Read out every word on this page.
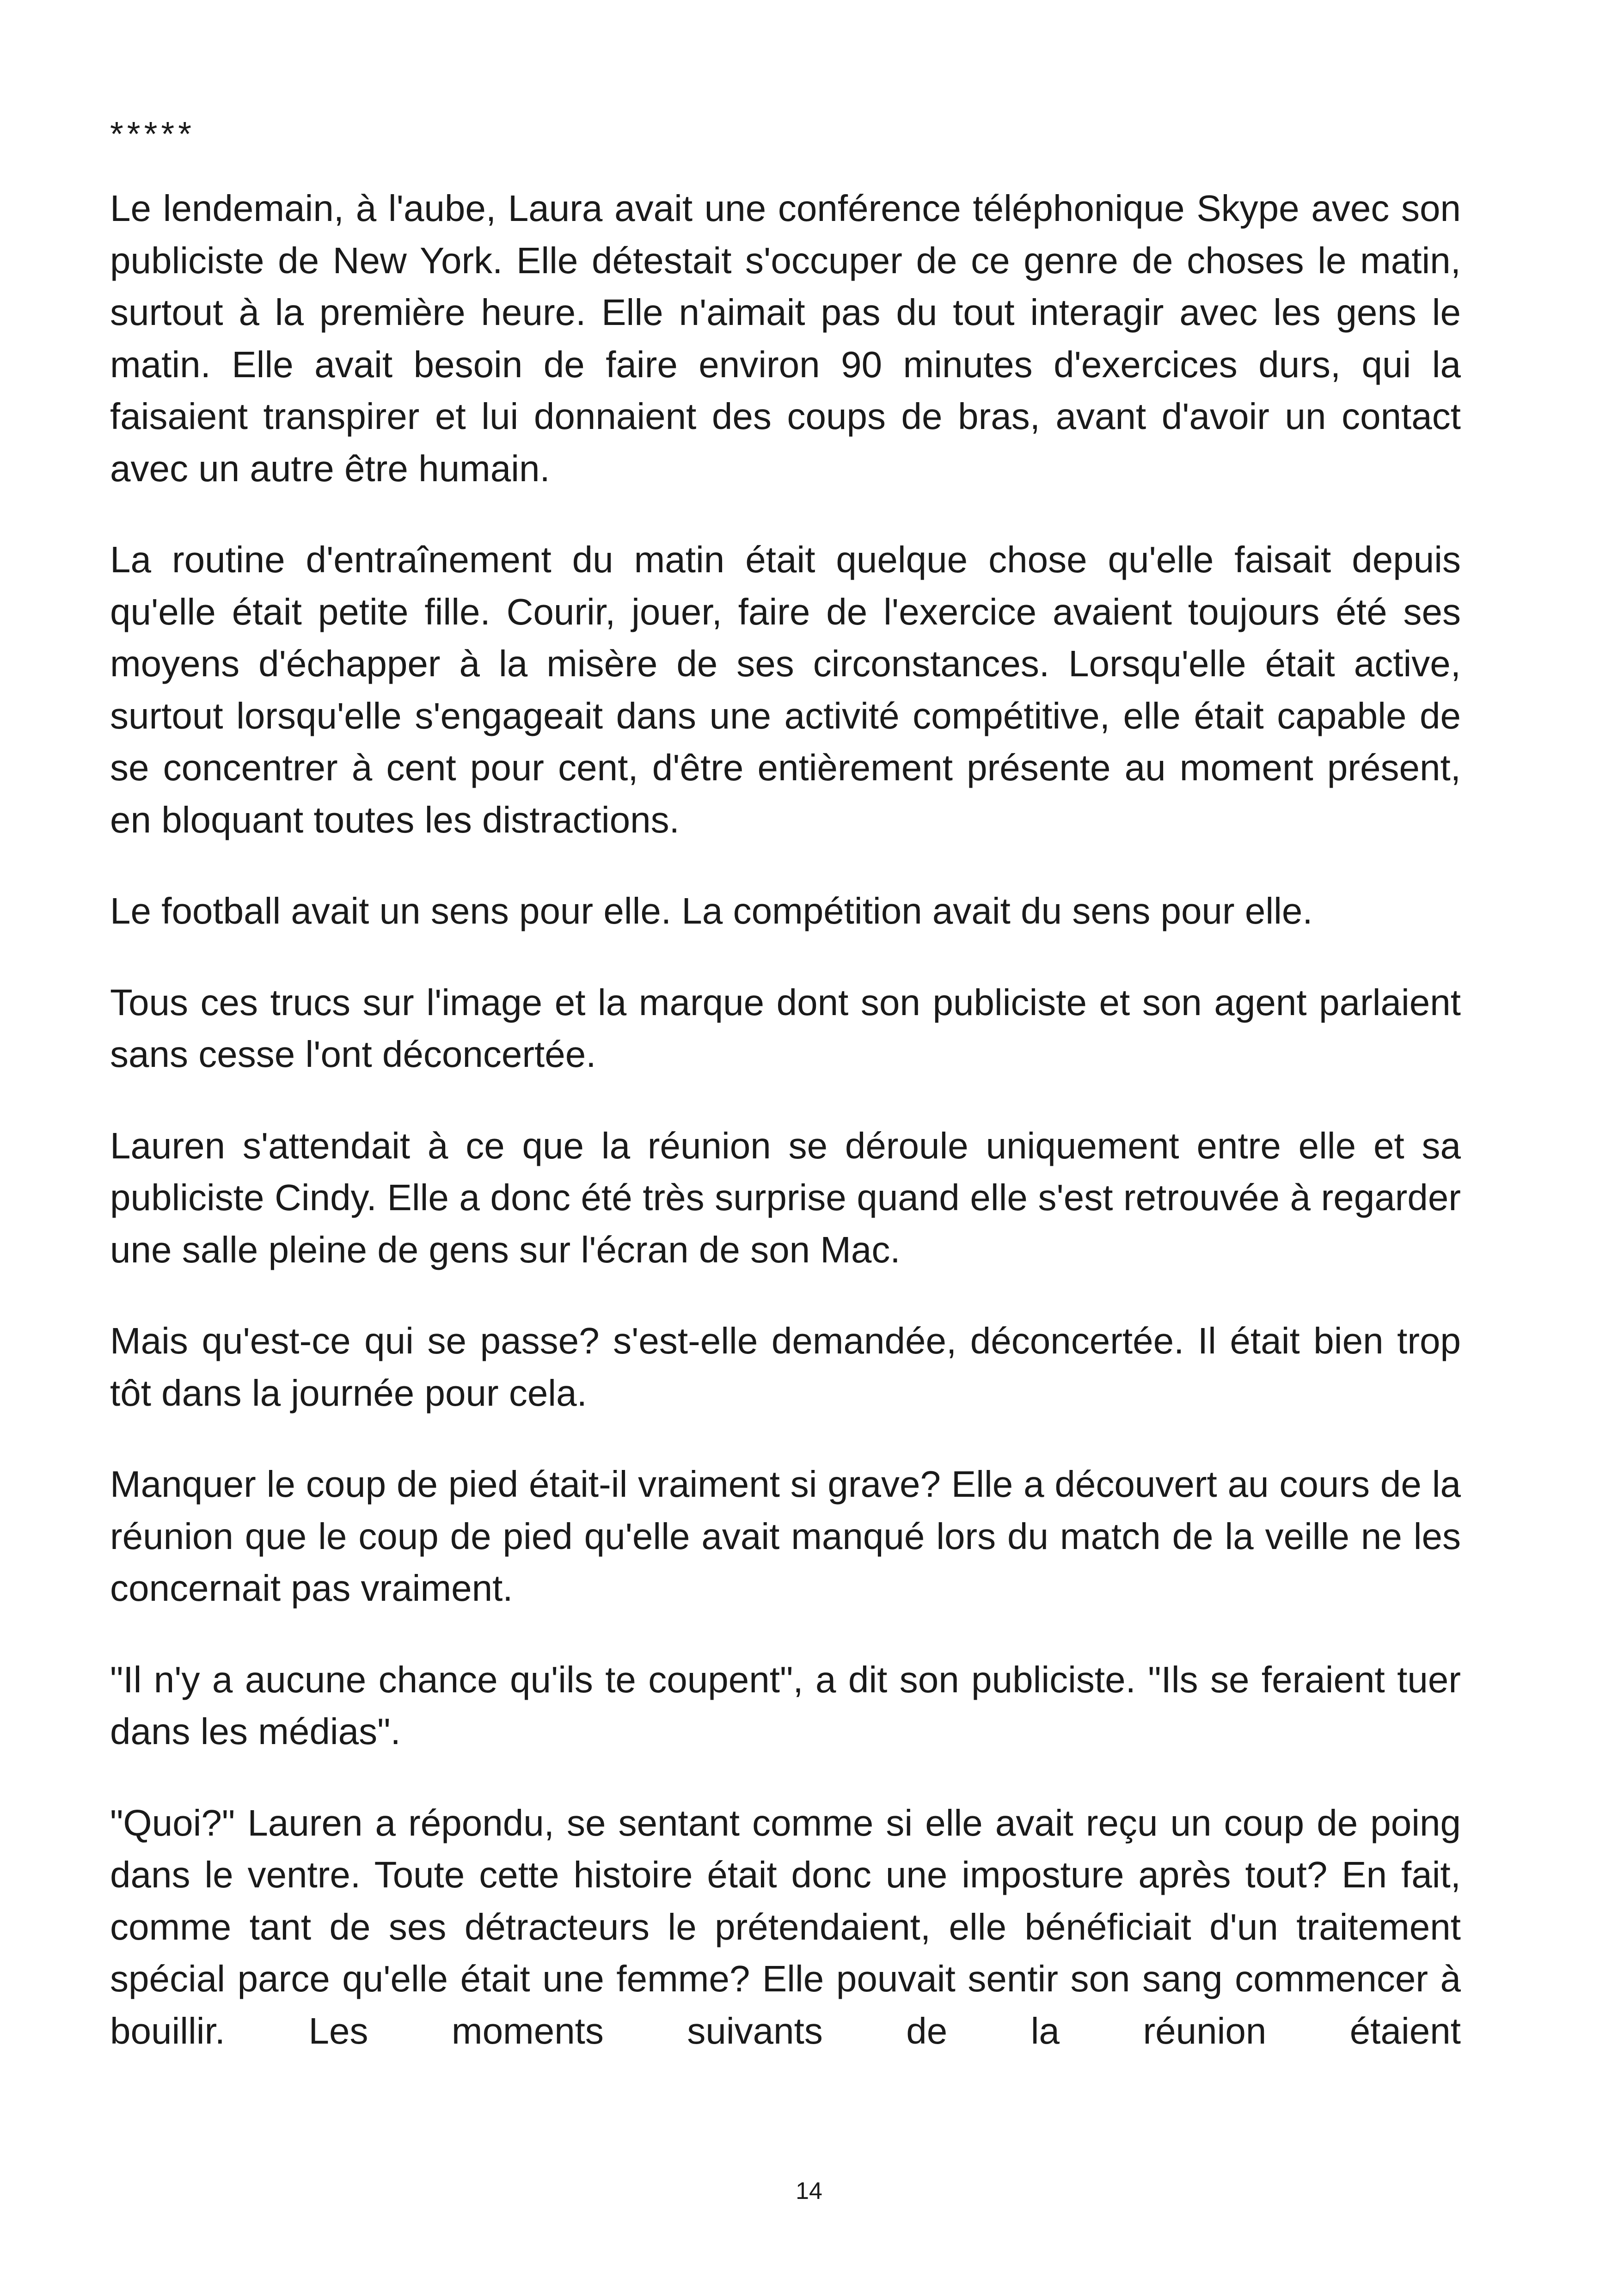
*****

Le lendemain, à l'aube, Laura avait une conférence téléphonique Skype avec son publiciste de New York. Elle détestait s'occuper de ce genre de choses le matin, surtout à la première heure. Elle n'aimait pas du tout interagir avec les gens le matin. Elle avait besoin de faire environ 90 minutes d'exercices durs, qui la faisaient transpirer et lui donnaient des coups de bras, avant d'avoir un contact avec un autre être humain.

La routine d'entraînement du matin était quelque chose qu'elle faisait depuis qu'elle était petite fille. Courir, jouer, faire de l'exercice avaient toujours été ses moyens d'échapper à la misère de ses circonstances. Lorsqu'elle était active, surtout lorsqu'elle s'engageait dans une activité compétitive, elle était capable de se concentrer à cent pour cent, d'être entièrement présente au moment présent, en bloquant toutes les distractions.

Le football avait un sens pour elle. La compétition avait du sens pour elle.

Tous ces trucs sur l'image et la marque dont son publiciste et son agent parlaient sans cesse l'ont déconcertée.

Lauren s'attendait à ce que la réunion se déroule uniquement entre elle et sa publiciste Cindy. Elle a donc été très surprise quand elle s'est retrouvée à regarder une salle pleine de gens sur l'écran de son Mac.

Mais qu'est-ce qui se passe? s'est-elle demandée, déconcertée. Il était bien trop tôt dans la journée pour cela.

Manquer le coup de pied était-il vraiment si grave? Elle a découvert au cours de la réunion que le coup de pied qu'elle avait manqué lors du match de la veille ne les concernait pas vraiment.

"Il n'y a aucune chance qu'ils te coupent", a dit son publiciste. "Ils se feraient tuer dans les médias".

"Quoi?" Lauren a répondu, se sentant comme si elle avait reçu un coup de poing dans le ventre. Toute cette histoire était donc une imposture après tout? En fait, comme tant de ses détracteurs le prétendaient, elle bénéficiait d'un traitement spécial parce qu'elle était une femme? Elle pouvait sentir son sang commencer à bouillir. Les moments suivants de la réunion étaient

14
